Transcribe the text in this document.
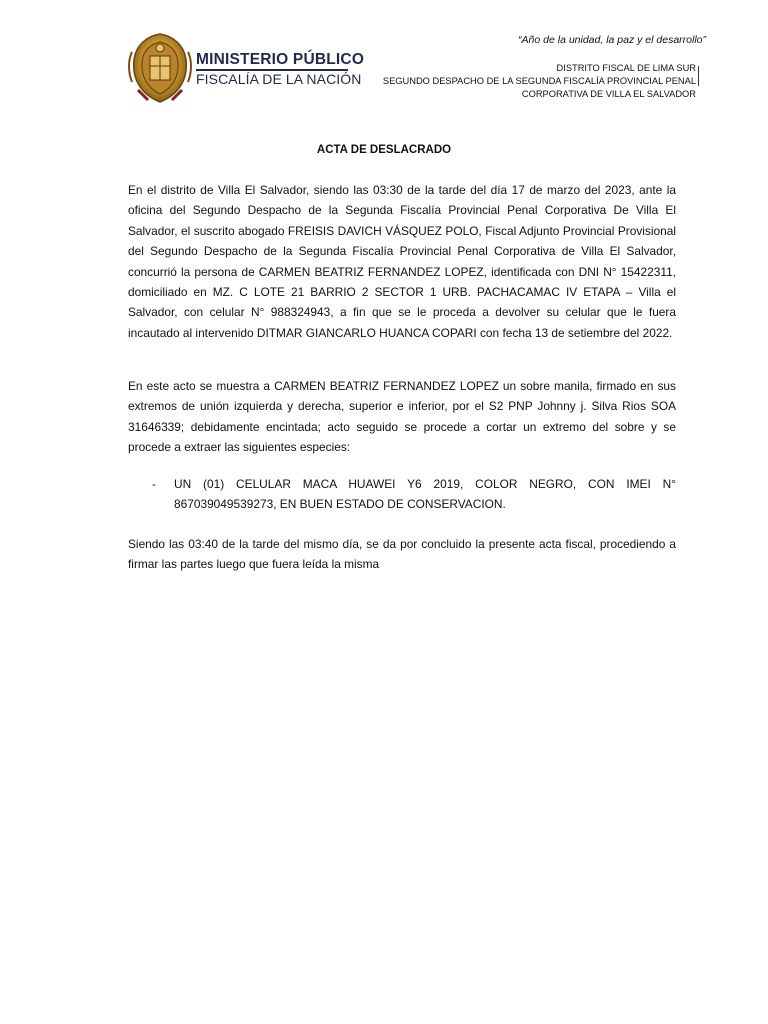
MINISTERIO PÚBLICO
FISCALÍA DE LA NACIÓN
“Año de la unidad, la paz y el desarrollo”
DISTRITO FISCAL DE LIMA SUR
SEGUNDO DESPACHO DE LA SEGUNDA FISCALÍA PROVINCIAL PENAL
CORPORATIVA DE VILLA EL SALVADOR
ACTA DE DESLACRADO
En el distrito de Villa El Salvador, siendo las 03:30 de la tarde del día 17 de marzo del 2023, ante la oficina del Segundo Despacho de la Segunda Fiscalía Provincial Penal Corporativa De Villa El Salvador, el suscrito abogado FREISIS DAVICH VÁSQUEZ POLO, Fiscal Adjunto Provincial Provisional del Segundo Despacho de la Segunda Fiscalía Provincial Penal Corporativa de Villa El Salvador, concurrió la persona de CARMEN BEATRIZ FERNANDEZ LOPEZ, identificada con DNI N° 15422311, domiciliado en MZ. C LOTE 21 BARRIO 2 SECTOR 1 URB. PACHACAMAC IV ETAPA – Villa el Salvador, con celular N° 988324943, a fin que se le proceda a devolver su celular que le fuera incautado al intervenido DITMAR GIANCARLO HUANCA COPARI con fecha 13 de setiembre del 2022.
En este acto se muestra a CARMEN BEATRIZ FERNANDEZ LOPEZ un sobre manila, firmado en sus extremos de unión izquierda y derecha, superior e inferior, por el S2 PNP Johnny j. Silva Rios SOA 31646339; debidamente encintada; acto seguido se procede a cortar un extremo del sobre y se procede a extraer las siguientes especies:
- UN (01) CELULAR MACA HUAWEI Y6 2019, COLOR NEGRO, CON IMEI N° 867039049539273, EN BUEN ESTADO DE CONSERVACION.
Siendo las 03:40 de la tarde del mismo día, se da por concluido la presente acta fiscal, procediendo a firmar las partes luego que fuera leída la misma
